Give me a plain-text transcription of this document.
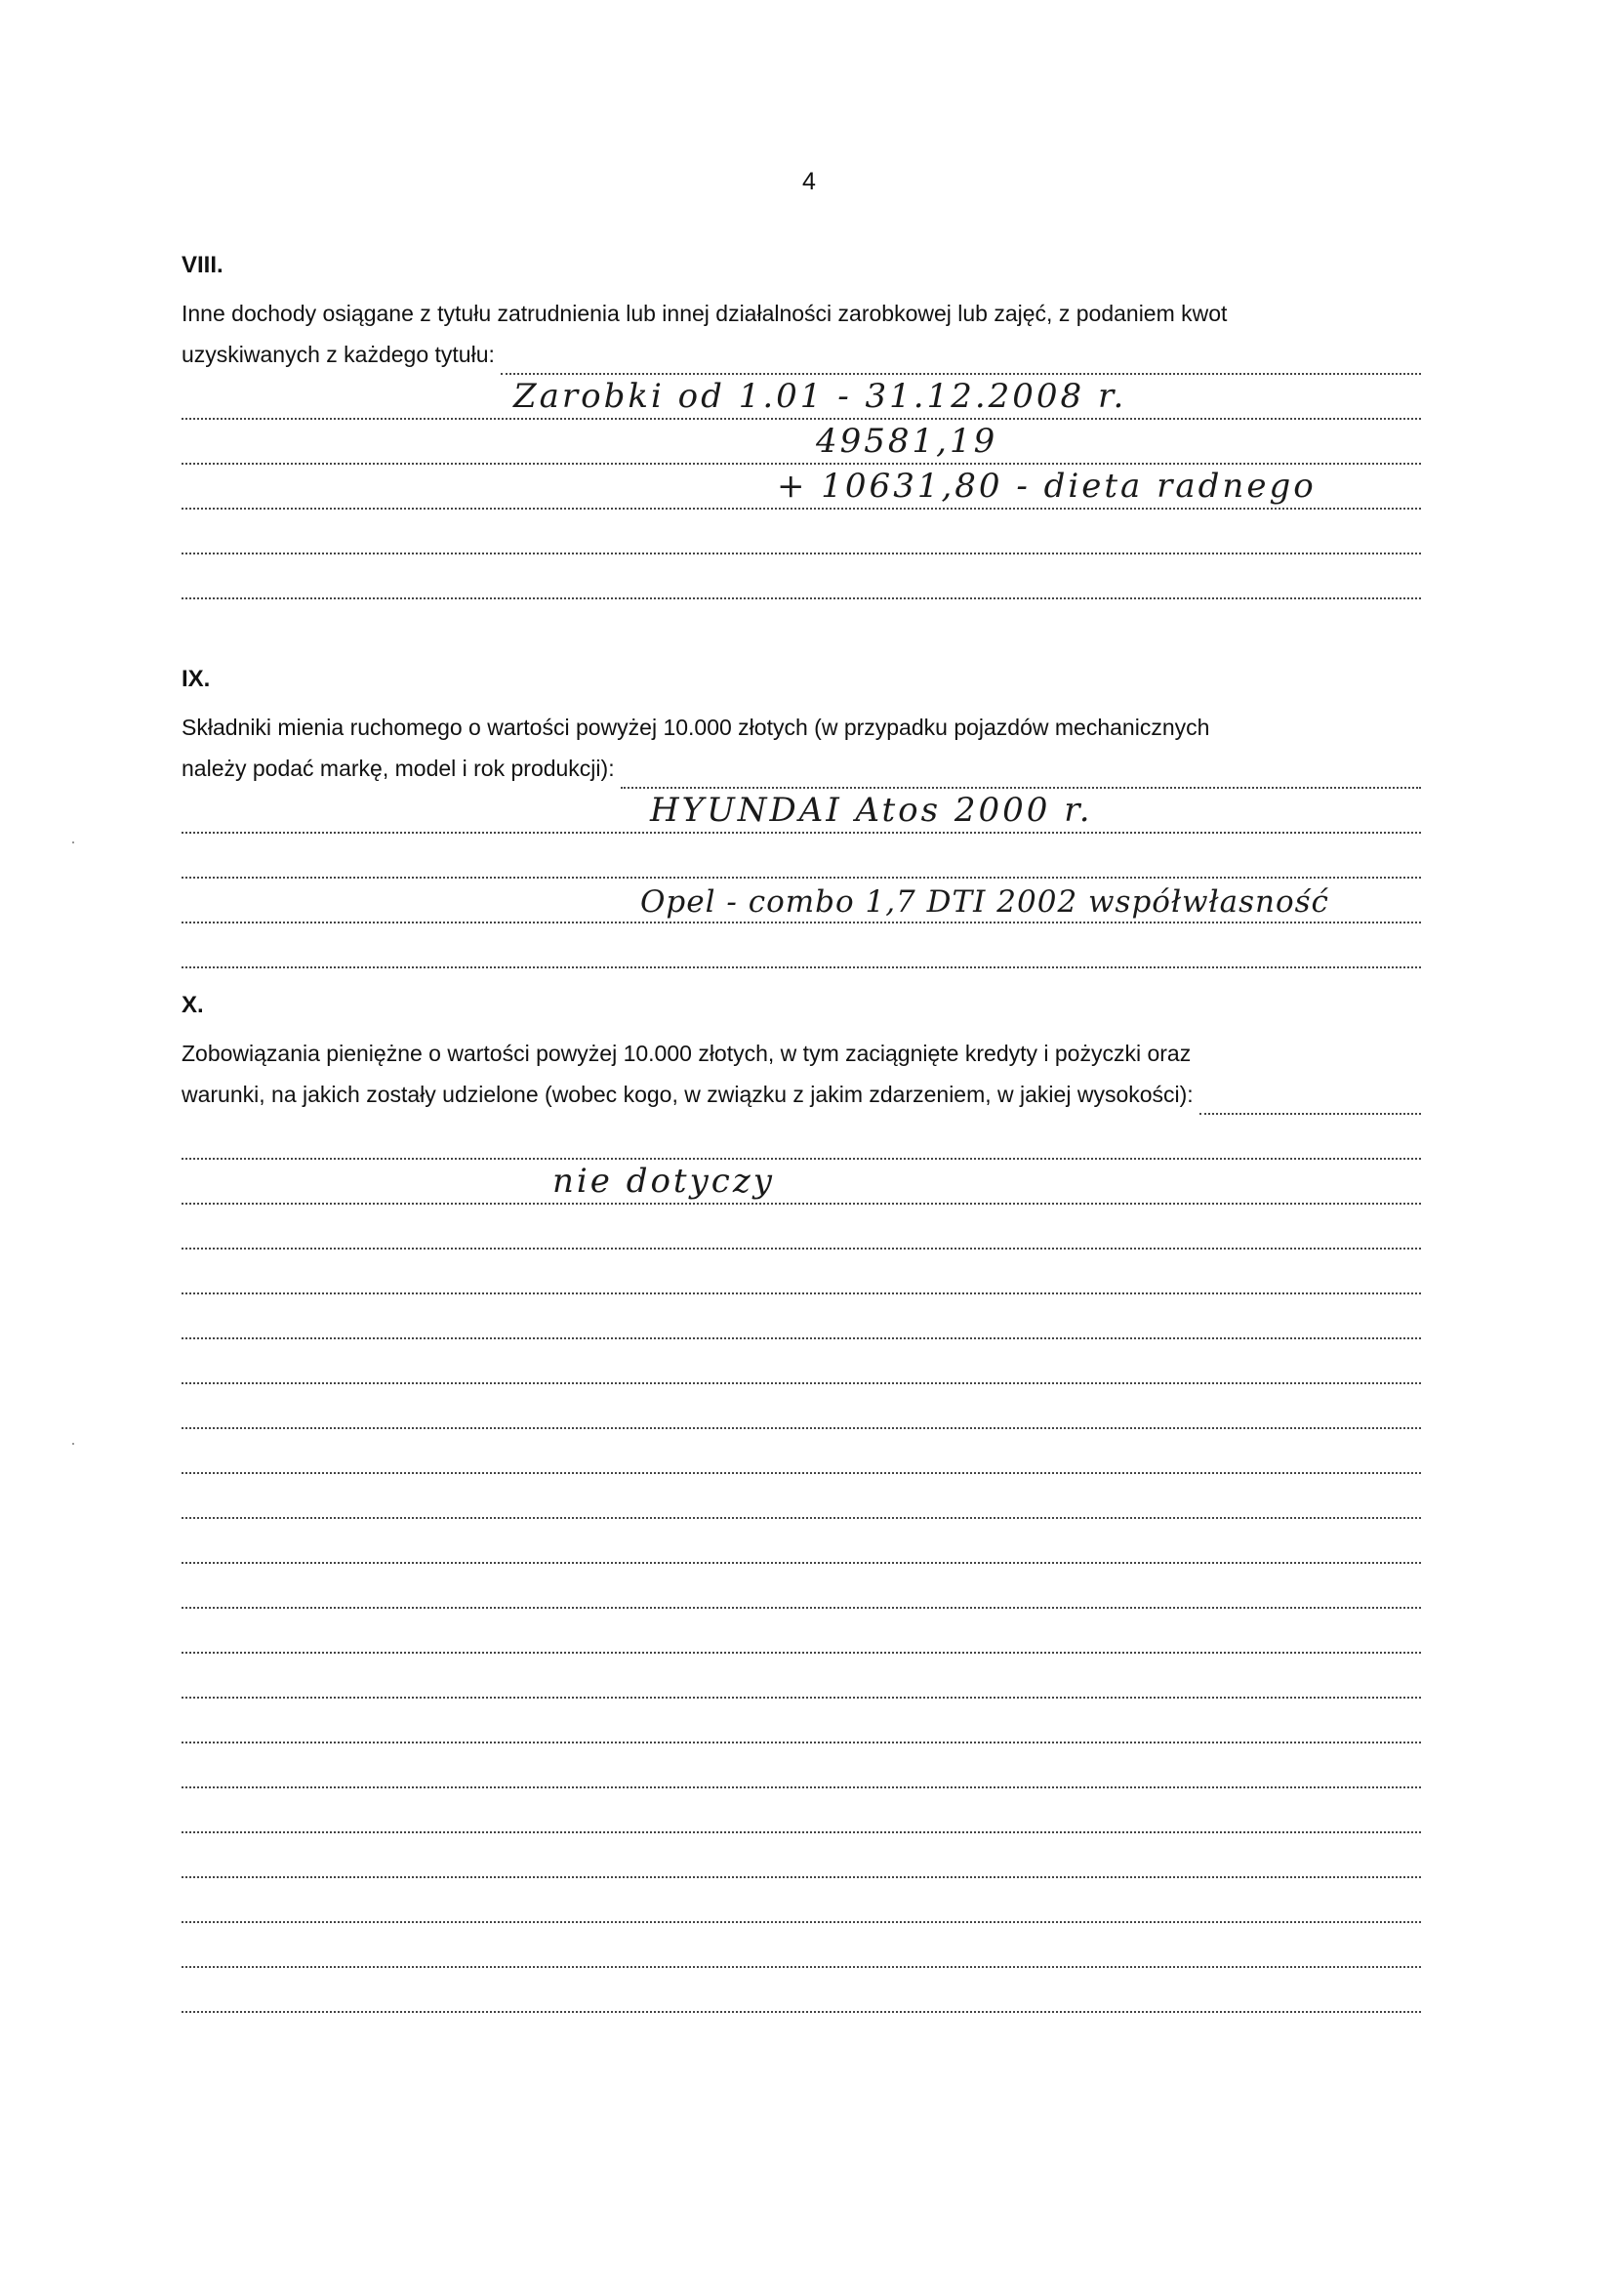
4
VIII.

Inne dochody osiągane z tytułu zatrudnienia lub innej działalności zarobkowej lub zajęć, z podaniem kwot

uzyskiwanych z każdego tytułu:
Zarobki od 1.01 - 31.12.2008 r.
49581,19
+ 10631,80 - dieta radnego
IX.

Składniki mienia ruchomego o wartości powyżej 10.000 złotych (w przypadku pojazdów mechanicznych

należy podać markę, model i rok produkcji):
HYUNDAI Atos 2000 r.
Opel - combo 1,7 DTI 2002 współwłasność
X.

Zobowiązania pieniężne o wartości powyżej 10.000 złotych, w tym zaciągnięte kredyty i pożyczki oraz

warunki, na jakich zostały udzielone (wobec kogo, w związku z jakim zdarzeniem, w jakiej wysokości):
nie dotyczy
